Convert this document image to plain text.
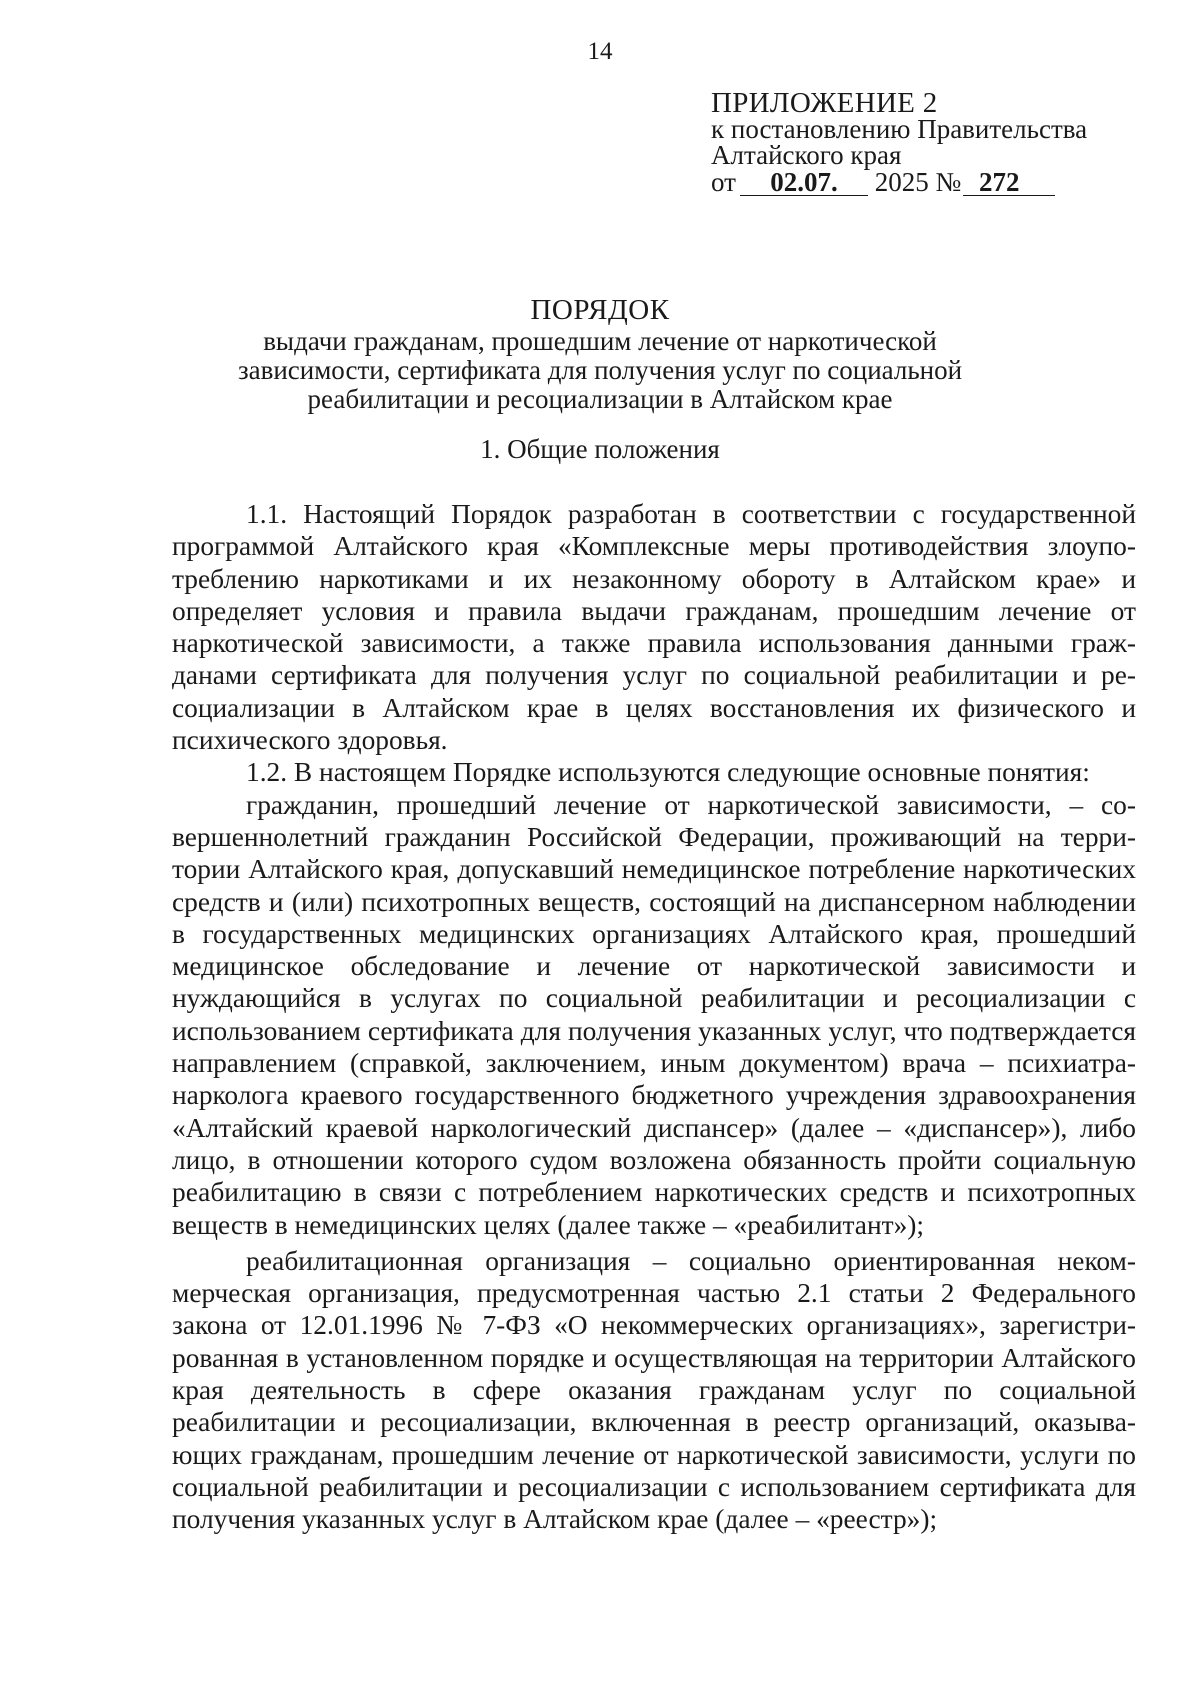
14
ПРИЛОЖЕНИЕ 2
к постановлению Правительства
Алтайского края
от 02.07. 2025 № 272
ПОРЯДОК
выдачи гражданам, прошедшим лечение от наркотической
зависимости, сертификата для получения услуг по социальной
реабилитации и ресоциализации в Алтайском крае
1. Общие положения

1.1. Настоящий Порядок разработан в соответствии с государственной программой Алтайского края «Комплексные меры противодействия злоупотреблению наркотиками и их незаконному обороту в Алтайском крае» и определяет условия и правила выдачи гражданам, прошедшим лечение от наркотической зависимости, а также правила использования данными гражданами сертификата для получения услуг по социальной реабилитации и ресоциализации в Алтайском крае в целях восстановления их физического и психического здоровья.

1.2. В настоящем Порядке используются следующие основные понятия:

гражданин, прошедший лечение от наркотической зависимости, – совершеннолетний гражданин Российской Федерации, проживающий на территории Алтайского края, допускавший немедицинское потребление наркотических средств и (или) психотропных веществ, состоящий на диспансерном наблюдении в государственных медицинских организациях Алтайского края, прошедший медицинское обследование и лечение от наркотической зависимости и нуждающийся в услугах по социальной реабилитации и ресоциализации с использованием сертификата для получения указанных услуг, что подтверждается направлением (справкой, заключением, иным документом) врача – психиатра-нарколога краевого государственного бюджетного учреждения здравоохранения «Алтайский краевой наркологический диспансер» (далее – «диспансер»), либо лицо, в отношении которого судом возложена обязанность пройти социальную реабилитацию в связи с потреблением наркотических средств и психотропных веществ в немедицинских целях (далее также – «реабилитант»);

реабилитационная организация – социально ориентированная некоммерческая организация, предусмотренная частью 2.1 статьи 2 Федерального закона от 12.01.1996 № 7-ФЗ «О некоммерческих организациях», зарегистрированная в установленном порядке и осуществляющая на территории Алтайского края деятельность в сфере оказания гражданам услуг по социальной реабилитации и ресоциализации, включенная в реестр организаций, оказывающих гражданам, прошедшим лечение от наркотической зависимости, услуги по социальной реабилитации и ресоциализации с использованием сертификата для получения указанных услуг в Алтайском крае (далее – «реестр»);
